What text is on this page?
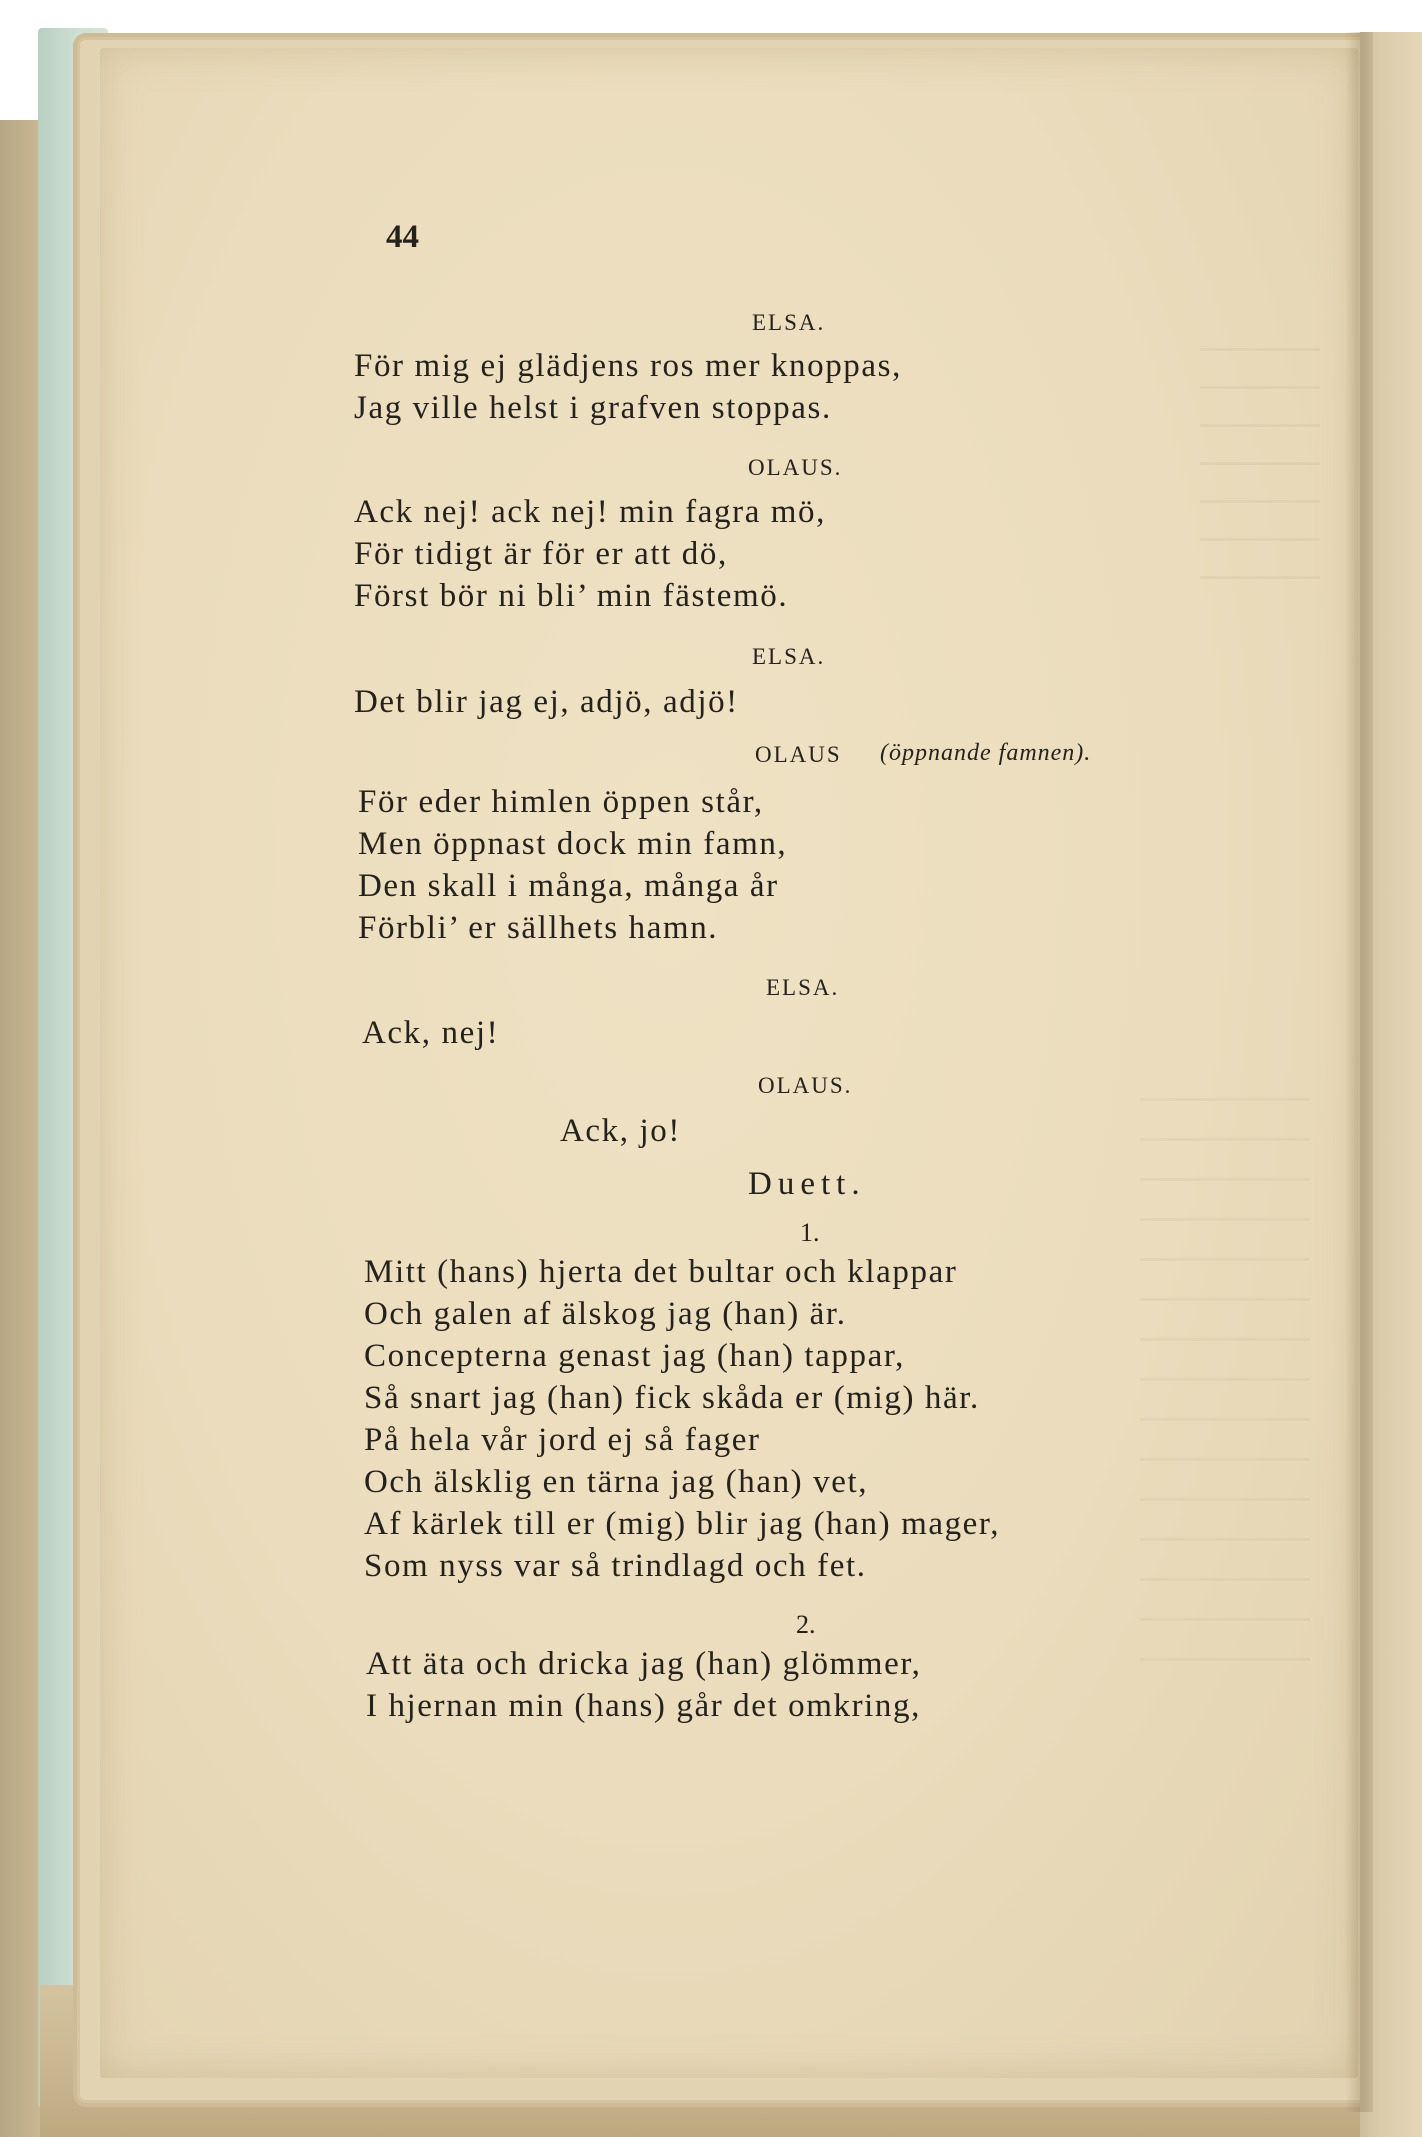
44
ELSA.
För mig ej glädjens ros mer knoppas,
Jag ville helst i grafven stoppas.
OLAUS.
Ack nej! ack nej! min fagra mö,
För tidigt är för er att dö,
Först bör ni bli’ min fästemö.
ELSA.
Det blir jag ej, adjö, adjö!
OLAUS (öppnande famnen).
För eder himlen öppen står,
Men öppnast dock min famn,
Den skall i många, många år
Förbli’ er sällhets hamn.
ELSA.
Ack, nej!
OLAUS.
Ack, jo!
Duett.
1.
Mitt (hans) hjerta det bultar och klappar
Och galen af älskog jag (han) är.
Concepterna genast jag (han) tappar,
Så snart jag (han) fick skåda er (mig) här.
På hela vår jord ej så fager
Och älsklig en tärna jag (han) vet,
Af kärlek till er (mig) blir jag (han) mager,
Som nyss var så trindlagd och fet.
2.
Att äta och dricka jag (han) glömmer,
I hjernan min (hans) går det omkring,
